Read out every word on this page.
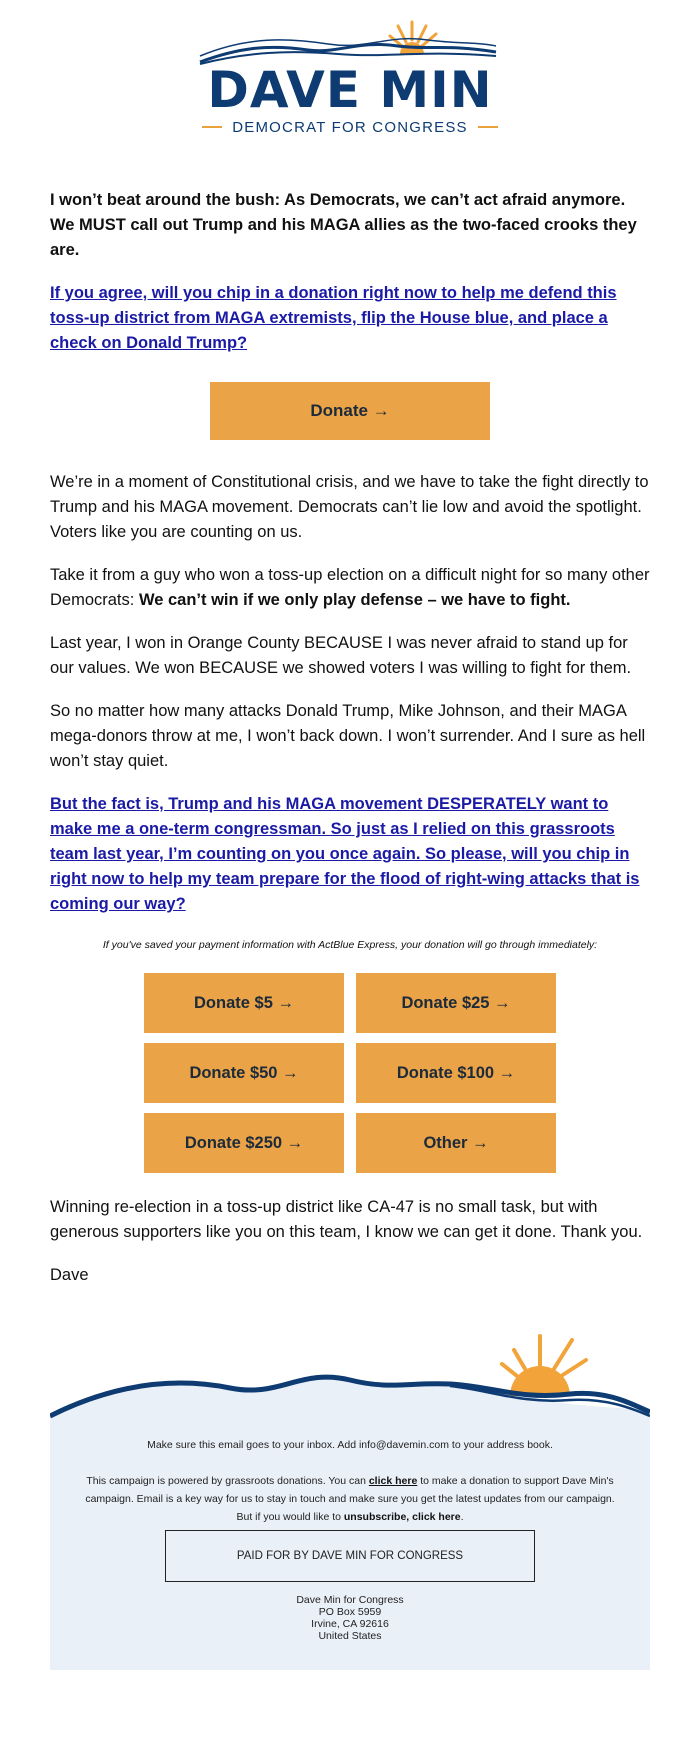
DAVE MIN
DEMOCRAT FOR CONGRESS

I won’t beat around the bush: As Democrats, we can’t act afraid anymore. We MUST call out Trump and his MAGA allies as the two-faced crooks they are.

If you agree, will you chip in a donation right now to help me defend this toss-up district from MAGA extremists, flip the House blue, and place a check on Donald Trump?

Donate →

We’re in a moment of Constitutional crisis, and we have to take the fight directly to Trump and his MAGA movement. Democrats can’t lie low and avoid the spotlight. Voters like you are counting on us.

Take it from a guy who won a toss-up election on a difficult night for so many other Democrats: We can’t win if we only play defense – we have to fight.

Last year, I won in Orange County BECAUSE I was never afraid to stand up for our values. We won BECAUSE we showed voters I was willing to fight for them.

So no matter how many attacks Donald Trump, Mike Johnson, and their MAGA mega-donors throw at me, I won’t back down. I won’t surrender. And I sure as hell won’t stay quiet.

But the fact is, Trump and his MAGA movement DESPERATELY want to make me a one-term congressman. So just as I relied on this grassroots team last year, I’m counting on you once again. So please, will you chip in right now to help my team prepare for the flood of right-wing attacks that is coming our way?

If you've saved your payment information with ActBlue Express, your donation will go through immediately:
Donate $5 →	Donate $25 →
Donate $50 →	Donate $100 →
Donate $250 →	Other →

Winning re-election in a toss-up district like CA-47 is no small task, but with generous supporters like you on this team, I know we can get it done. Thank you.

Dave

Make sure this email goes to your inbox. Add info@davemin.com to your address book.
This campaign is powered by grassroots donations. You can click here to make a donation to support Dave Min's campaign. Email is a key way for us to stay in touch and make sure you get the latest updates from our campaign. But if you would like to unsubscribe, click here.
PAID FOR BY DAVE MIN FOR CONGRESS
Dave Min for Congress
PO Box 5959
Irvine, CA 92616
United States
